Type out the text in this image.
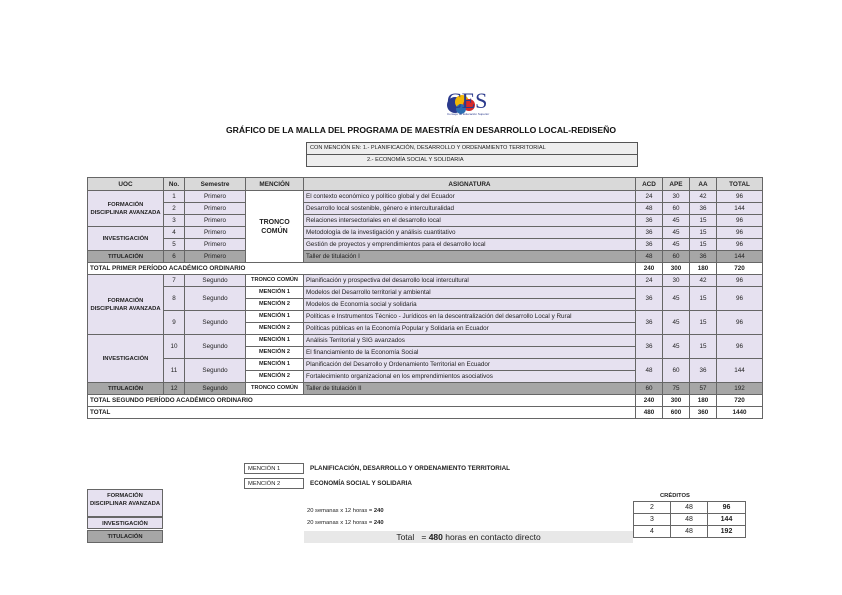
CES
Consejo de Educación Superior
GRÁFICO DE LA MALLA DEL PROGRAMA DE MAESTRÍA EN DESARROLLO LOCAL-REDISEÑO
CON MENCIÓN EN: 1.- PLANIFICACIÓN, DESARROLLO Y ORDENAMIENTO TERRITORIAL
2.- ECONOMÍA SOCIAL Y SOLIDARIA
UOC	No.	Semestre	MENCIÓN	ASIGNATURA	ACD	APE	AA	TOTAL
FORMACIÓN DISCIPLINAR AVANZADA	1	Primero	TRONCO COMÚN	El contexto económico y político global y del Ecuador	24	30	42	96
	2	Primero		Desarrollo local sostenible, género e interculturalidad	48	60	36	144
	3	Primero		Relaciones intersectoriales en el desarrollo local	36	45	15	96
INVESTIGACIÓN	4	Primero		Metodología de la investigación y análisis cuantitativo	36	45	15	96
	5	Primero		Gestión de proyectos y emprendimientos para el desarrollo local	36	45	15	96
TITULACIÓN	6	Primero		Taller de titulación I	48	60	36	144
TOTAL PRIMER PERÍODO ACADÉMICO ORDINARIO					240	300	180	720
FORMACIÓN DISCIPLINAR AVANZADA	7	Segundo	TRONCO COMÚN	Planificación y prospectiva del desarrollo local intercultural	24	30	42	96
	8	Segundo	MENCIÓN 1	Modelos del Desarrollo territorial y ambiental	36	45	15	96
			MENCIÓN 2	Modelos de Economía social y solidaria				
	9	Segundo	MENCIÓN 1	Políticas e Instrumentos Técnico - Jurídicos en la descentralización del desarrollo Local y Rural	36	45	15	96
			MENCIÓN 2	Políticas públicas en la Economía Popular y Solidaria en Ecuador				
INVESTIGACIÓN	10	Segundo	MENCIÓN 1	Análisis Territorial y SIG avanzados	36	45	15	96
			MENCIÓN 2	El financiamiento de la Economía Social				
	11	Segundo	MENCIÓN 1	Planificación del Desarrollo y Ordenamiento Territorial en Ecuador	48	60	36	144
			MENCIÓN 2	Fortalecimiento organizacional en los emprendimientos asociativos				
TITULACIÓN	12	Segundo	TRONCO COMÚN	Taller de titulación II	60	75	57	192
TOTAL SEGUNDO PERÍODO ACADÉMICO ORDINARIO					240	300	180	720
TOTAL					480	600	360	1440
MENCIÓN 1	PLANIFICACIÓN, DESARROLLO Y ORDENAMIENTO TERRITORIAL
MENCIÓN 2	ECONOMÍA SOCIAL Y SOLIDARIA
FORMACIÓN DISCIPLINAR AVANZADA
INVESTIGACIÓN
TITULACIÓN
20 semanas x 12 horas = 240
20 semanas x 12 horas = 240
Total   = 480 horas en contacto directo
CRÉDITOS
2	48	96
3	48	144
4	48	192
